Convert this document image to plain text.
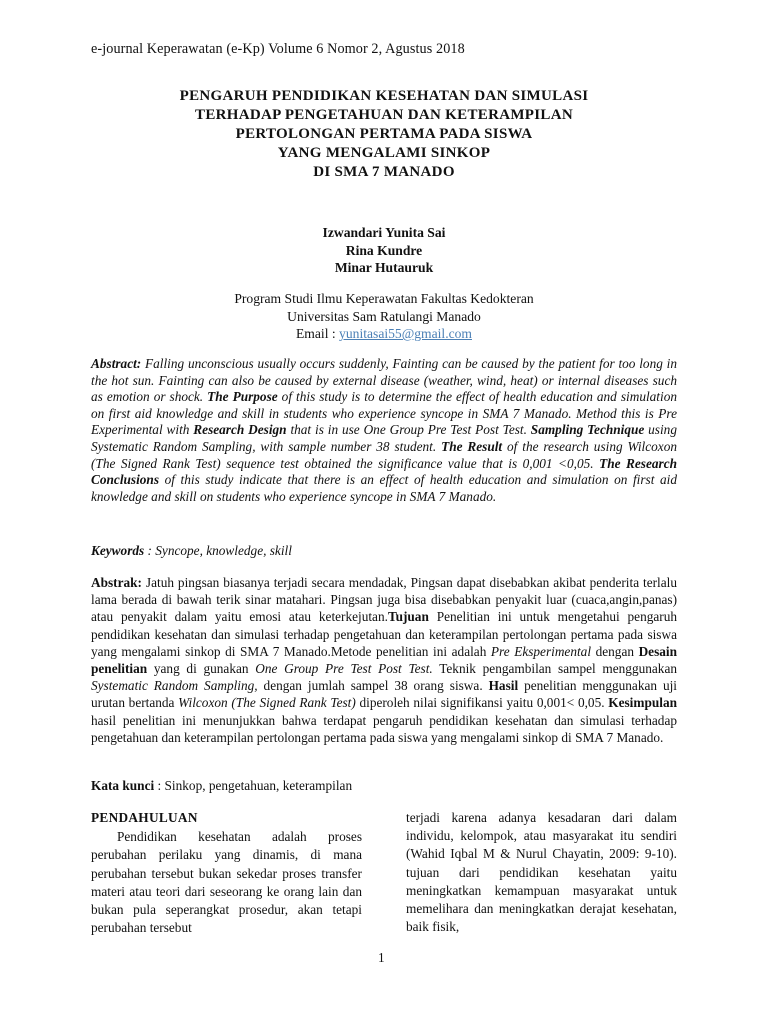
e-journal Keperawatan (e-Kp) Volume 6 Nomor 2, Agustus 2018
PENGARUH PENDIDIKAN KESEHATAN DAN SIMULASI
TERHADAP PENGETAHUAN DAN KETERAMPILAN
PERTOLONGAN PERTAMA PADA SISWA
YANG MENGALAMI SINKOP
DI SMA 7 MANADO
Izwandari Yunita Sai
Rina Kundre
Minar Hutauruk
Program Studi Ilmu Keperawatan Fakultas Kedokteran
Universitas Sam Ratulangi Manado
Email : yunitasai55@gmail.com
Abstract: Falling unconscious usually occurs suddenly, Fainting can be caused by the patient for too long in the hot sun. Fainting can also be caused by external disease (weather, wind, heat) or internal diseases such as emotion or shock. The Purpose of this study is to determine the effect of health education and simulation on first aid knowledge and skill in students who experience syncope in SMA 7 Manado. Method this is Pre Experimental with Research Design that is in use One Group Pre Test Post Test. Sampling Technique using Systematic Random Sampling, with sample number 38 student. The Result of the research using Wilcoxon (The Signed Rank Test) sequence test obtained the significance value that is 0,001 <0,05. The Research Conclusions of this study indicate that there is an effect of health education and simulation on first aid knowledge and skill on students who experience syncope in SMA 7 Manado.
Keywords : Syncope, knowledge, skill
Abstrak: Jatuh pingsan biasanya terjadi secara mendadak, Pingsan dapat disebabkan akibat penderita terlalu lama berada di bawah terik sinar matahari. Pingsan juga bisa disebabkan penyakit luar (cuaca,angin,panas) atau penyakit dalam yaitu emosi atau keterkejutan.Tujuan Penelitian ini untuk mengetahui pengaruh pendidikan kesehatan dan simulasi terhadap pengetahuan dan keterampilan pertolongan pertama pada siswa yang mengalami sinkop di SMA 7 Manado.Metode penelitian ini adalah Pre Eksperimental dengan Desain penelitian yang di gunakan One Group Pre Test Post Test. Teknik pengambilan sampel menggunakan Systematic Random Sampling, dengan jumlah sampel 38 orang siswa. Hasil penelitian menggunakan uji urutan bertanda Wilcoxon (The Signed Rank Test) diperoleh nilai signifikansi yaitu 0,001< 0,05. Kesimpulan hasil penelitian ini menunjukkan bahwa terdapat pengaruh pendidikan kesehatan dan simulasi terhadap pengetahuan dan keterampilan pertolongan pertama pada siswa yang mengalami sinkop di SMA 7 Manado.
Kata kunci : Sinkop, pengetahuan, keterampilan
PENDAHULUAN
Pendidikan kesehatan adalah proses perubahan perilaku yang dinamis, di mana perubahan tersebut bukan sekedar proses transfer materi atau teori dari seseorang ke orang lain dan bukan pula seperangkat prosedur, akan tetapi perubahan tersebut
terjadi karena adanya kesadaran dari dalam individu, kelompok, atau masyarakat itu sendiri (Wahid Iqbal M & Nurul Chayatin, 2009: 9-10). tujuan dari pendidikan kesehatan yaitu meningkatkan kemampuan masyarakat untuk memelihara dan meningkatkan derajat kesehatan, baik fisik,
1
